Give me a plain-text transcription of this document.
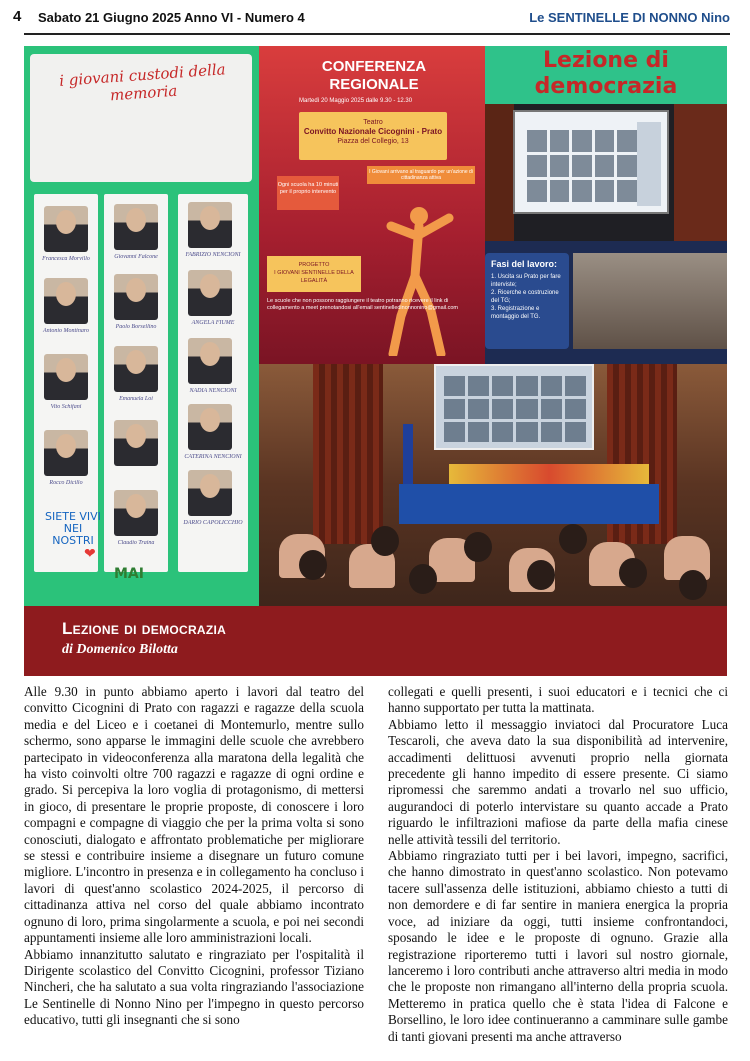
4 Sabato 21 Giugno 2025 Anno VI - Numero 4	Le SENTINELLE DI NONNO Nino
i giovani custodi della memoria
Francesca Morvillo
Antonio Montinaro
Vito Schifani
Rocco Dicillo
Giovanni Falcone
Paolo Borsellino
Emanuela Loi
Claudio Traina
FABRIZIO NENCIONI
ANGELA FIUME
NADIA NENCIONI
CATERINA NENCIONI
DARIO CAPOLICCHIO
SIETE VIVI NEI NOSTRI
❤
MAI
CONFERENZA REGIONALE
Martedì 20 Maggio 2025 dalle 9.30 - 12.30
Teatro
Convitto Nazionale Cicognini - Prato
Piazza del Collegio, 13
Ogni scuola ha 10 minuti per il proprio intervento
I Giovani arrivano al traguardo per un'azione di cittadinanza attiva
PROGETTO
I GIOVANI SENTINELLE DELLA LEGALITÀ
Le scuole che non possono raggiungere il teatro potranno ricevere il link di collegamento a meet prenotandosi all'email sentinelledinonnonino@gmail.com
Lezione di
democrazia
Fasi del lavoro:
1. Uscita su Prato per fare interviste;
2. Ricerche e costruzione del TG;
3. Registrazione e montaggio del TG.
Lezione di democrazia
di Domenico Bilotta

Alle 9.30 in punto abbiamo aperto i lavori dal teatro del convitto Cicognini di Prato con ragazzi e ragazze della scuola media e del Liceo e i coetanei di Montemurlo, mentre sullo schermo, sono apparse le immagini delle scuole che avrebbero partecipato in videoconferenza alla maratona della legalità che ha visto coinvolti oltre 700 ragazzi e ragazze di ogni ordine e grado. Si percepiva la loro voglia di protagonismo, di mettersi in gioco, di presentare le proprie proposte, di conoscere i loro compagni e compagne di viaggio che per la prima volta si sono conosciuti, dialogato e affrontato problematiche per migliorare se stessi e contribuire insieme a disegnare un futuro comune migliore. L'incontro in presenza e in collegamento ha concluso i lavori di quest'anno scolastico 2024-2025, il percorso di cittadinanza attiva nel corso del quale abbiamo incontrato ognuno di loro, prima singolarmente a scuola, e poi nei secondi appuntamenti insieme alle loro amministrazioni locali.

Abbiamo innanzitutto salutato e ringraziato per l'ospitalità il Dirigente scolastico del Convitto Cicognini, professor Tiziano Nincheri, che ha salutato a sua volta ringraziando l'associazione Le Sentinelle di Nonno Nino per l'impegno in questo percorso educativo, tutti gli insegnanti che si sono

collegati e quelli presenti, i suoi educatori e i tecnici che ci hanno supportato per tutta la mattinata.

Abbiamo letto il messaggio inviatoci dal Procuratore Luca Tescaroli, che aveva dato la sua disponibilità ad intervenire, accadimenti delittuosi avvenuti proprio nella giornata precedente gli hanno impedito di essere presente. Ci siamo ripromessi che saremmo andati a trovarlo nel suo ufficio, augurandoci di poterlo intervistare su quanto accade a Prato riguardo le infiltrazioni mafiose da parte della mafia cinese nelle attività tessili del territorio.

Abbiamo ringraziato tutti per i bei lavori, impegno, sacrifici, che hanno dimostrato in quest'anno scolastico. Non potevamo tacere sull'assenza delle istituzioni, abbiamo chiesto a tutti di non demordere e di far sentire in maniera energica la propria voce, ad iniziare da oggi, tutti insieme confrontandoci, sposando le idee e le proposte di ognuno. Grazie alla registrazione riporteremo tutti i lavori sul nostro giornale, lanceremo i loro contributi anche attraverso altri media in modo che le proposte non rimangano all'interno della propria scuola. Metteremo in pratica quello che è stata l'idea di Falcone e Borsellino, le loro idee continueranno a camminare sulle gambe di tanti giovani presenti ma anche attraverso
